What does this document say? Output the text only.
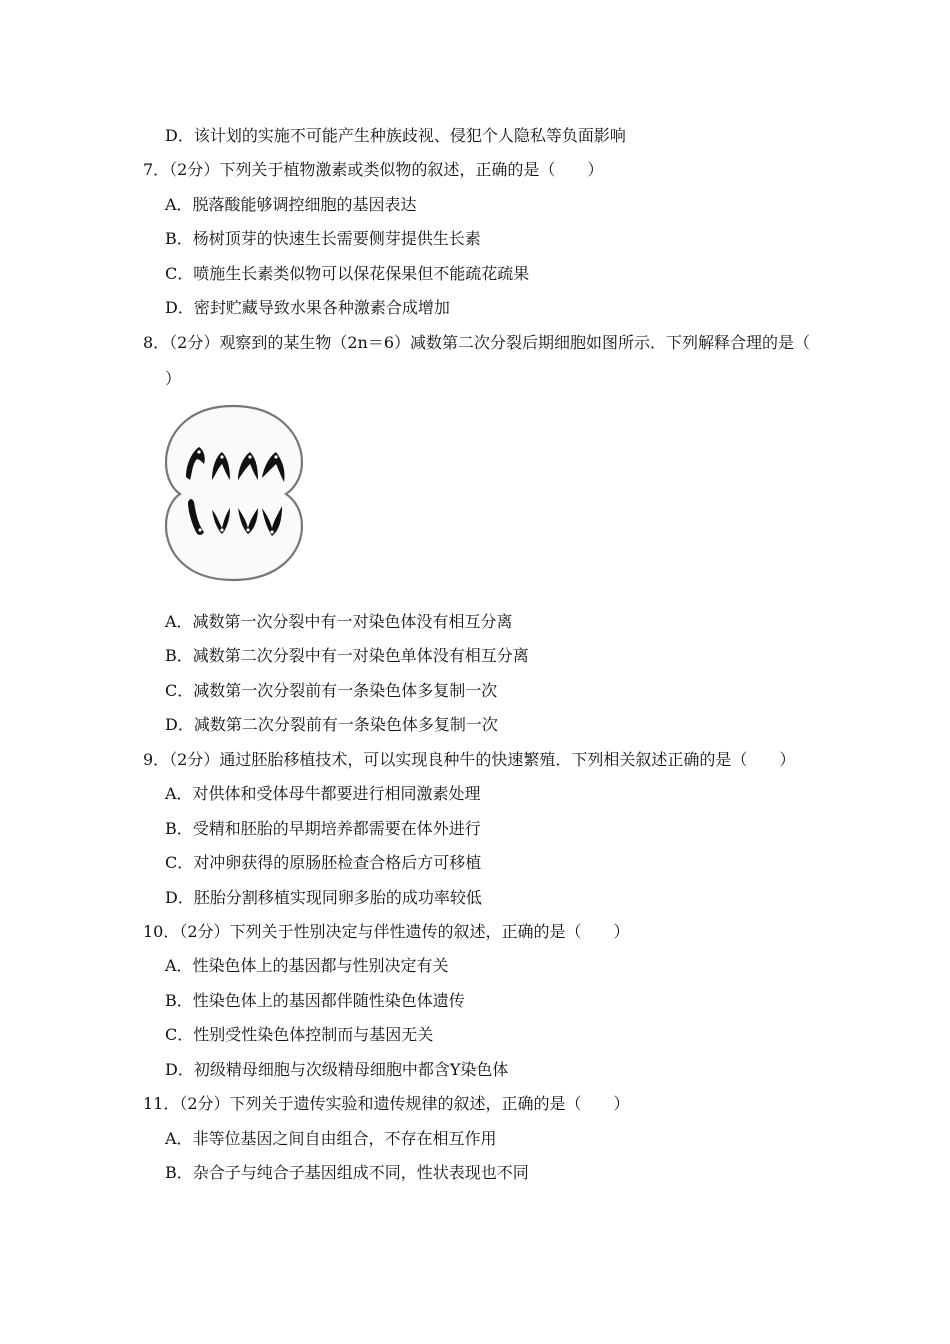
D．该计划的实施不可能产生种族歧视、侵犯个人隐私等负面影响
7．（2分）下列关于植物激素或类似物的叙述，正确的是（　　）
A．脱落酸能够调控细胞的基因表达
B．杨树顶芽的快速生长需要侧芽提供生长素
C．喷施生长素类似物可以保花保果但不能疏花疏果
D．密封贮藏导致水果各种激素合成增加
8．（2分）观察到的某生物（2n＝6）减数第二次分裂后期细胞如图所示．下列解释合理的是（
）
A．减数第一次分裂中有一对染色体没有相互分离
B．减数第二次分裂中有一对染色单体没有相互分离
C．减数第一次分裂前有一条染色体多复制一次
D．减数第二次分裂前有一条染色体多复制一次
9．（2分）通过胚胎移植技术，可以实现良种牛的快速繁殖．下列相关叙述正确的是（　　）
A．对供体和受体母牛都要进行相同激素处理
B．受精和胚胎的早期培养都需要在体外进行
C．对冲卵获得的原肠胚检查合格后方可移植
D．胚胎分割移植实现同卵多胎的成功率较低
10．（2分）下列关于性别决定与伴性遗传的叙述，正确的是（　　）
A．性染色体上的基因都与性别决定有关
B．性染色体上的基因都伴随性染色体遗传
C．性别受性染色体控制而与基因无关
D．初级精母细胞与次级精母细胞中都含Y染色体
11．（2分）下列关于遗传实验和遗传规律的叙述，正确的是（　　）
A．非等位基因之间自由组合，不存在相互作用
B．杂合子与纯合子基因组成不同，性状表现也不同
